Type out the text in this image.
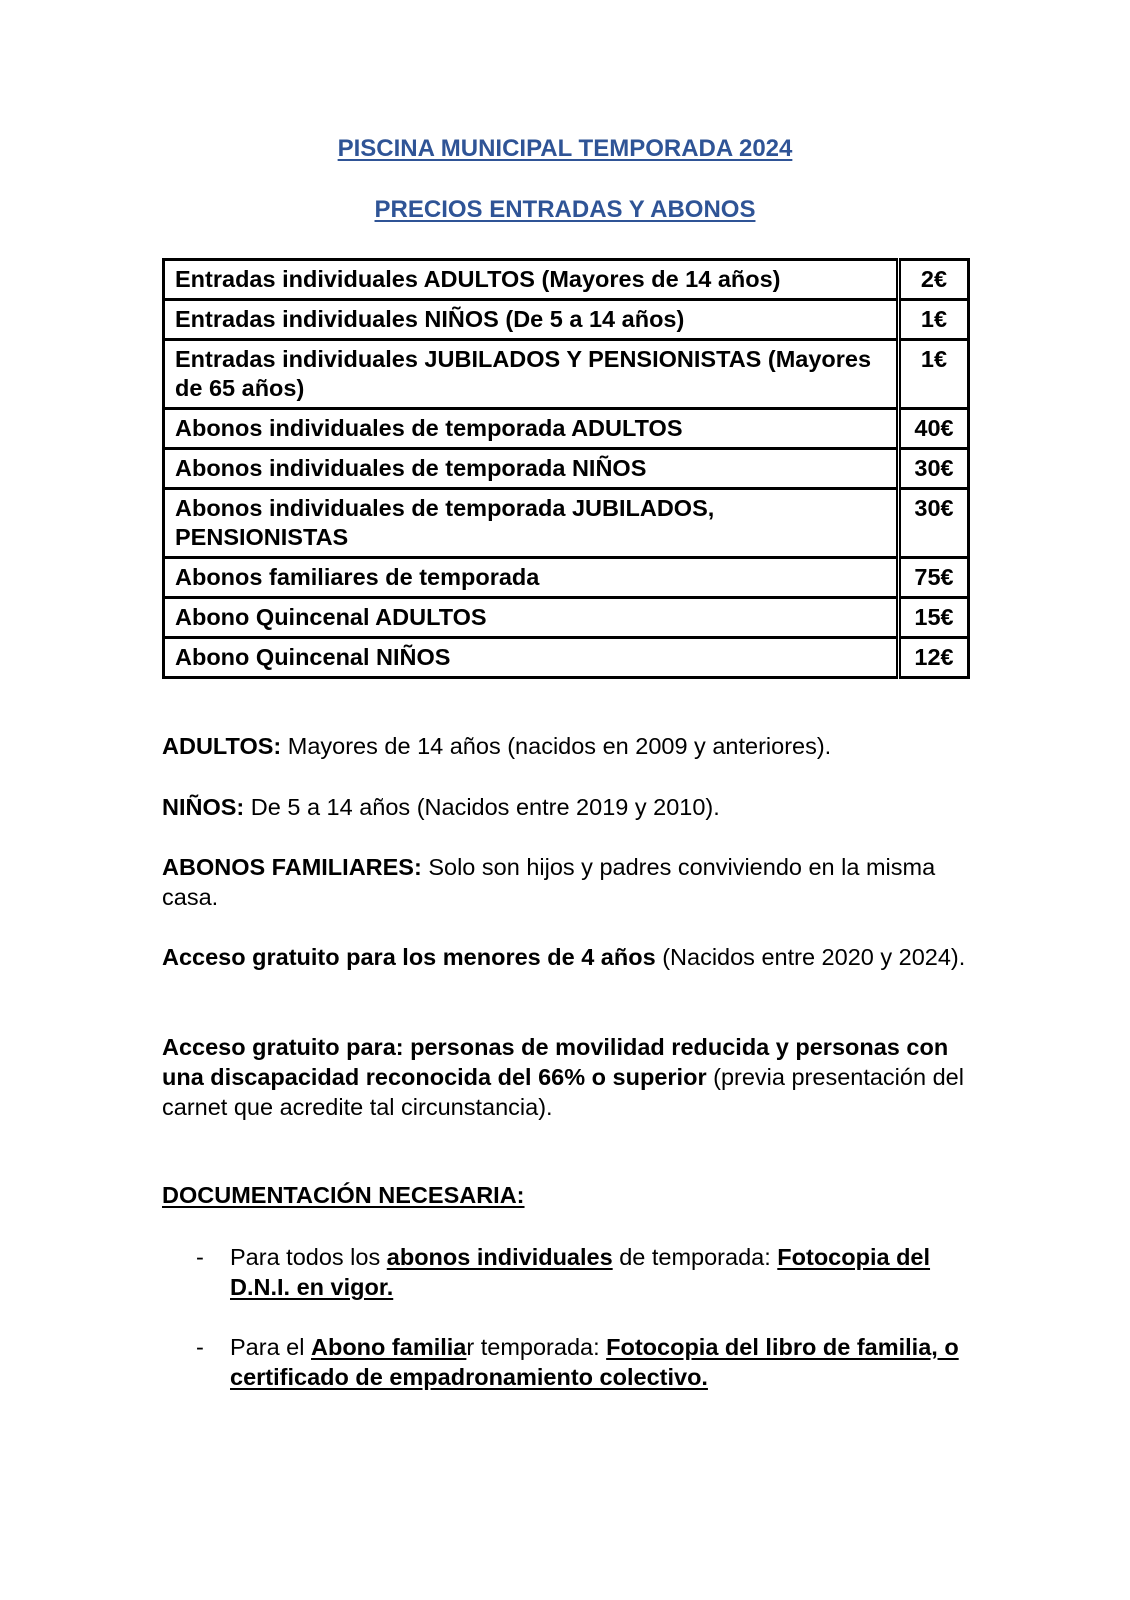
PISCINA MUNICIPAL TEMPORADA 2024
PRECIOS ENTRADAS Y ABONOS
Entradas individuales ADULTOS (Mayores de 14 años)	2€
Entradas individuales NIÑOS (De 5 a 14 años)	1€
Entradas individuales JUBILADOS Y PENSIONISTAS (Mayores de 65 años)	1€
Abonos individuales de temporada ADULTOS	40€
Abonos individuales de temporada NIÑOS	30€
Abonos individuales de temporada JUBILADOS, PENSIONISTAS	30€
Abonos familiares de temporada	75€
Abono Quincenal ADULTOS	15€
Abono Quincenal NIÑOS	12€
ADULTOS: Mayores de 14 años (nacidos en 2009 y anteriores).
NIÑOS: De 5 a 14 años (Nacidos entre 2019 y 2010).
ABONOS FAMILIARES: Solo son hijos y padres conviviendo en la misma casa.
Acceso gratuito para los menores de 4 años (Nacidos entre 2020 y 2024).
Acceso gratuito para: personas de movilidad reducida y personas con una discapacidad reconocida del 66% o superior (previa presentación del carnet que acredite tal circunstancia).
DOCUMENTACIÓN NECESARIA:
- Para todos los abonos individuales de temporada: Fotocopia del D.N.I. en vigor.
- Para el Abono familiar temporada: Fotocopia del libro de familia, o certificado de empadronamiento colectivo.
